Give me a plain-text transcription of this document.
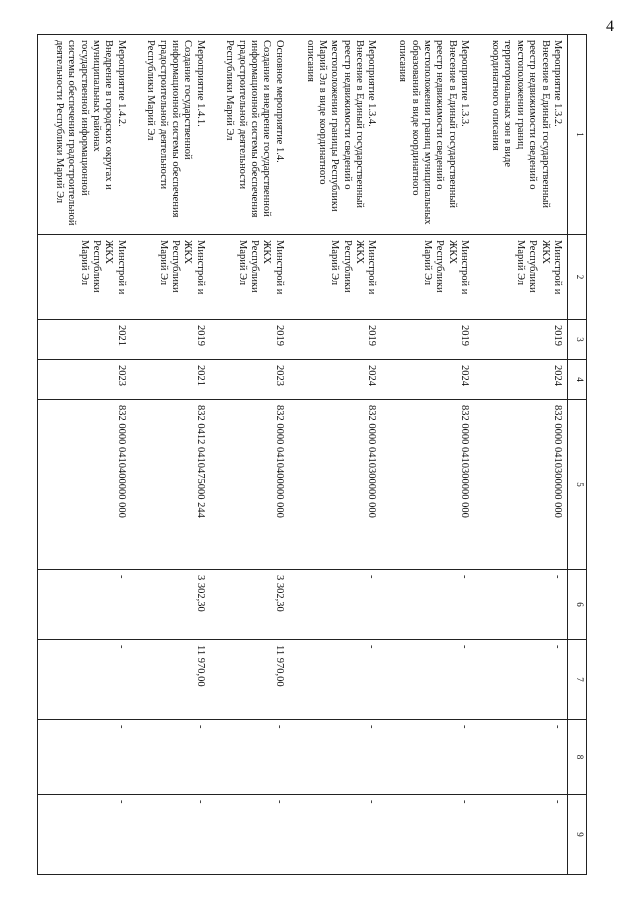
4
1	2	3	4	5	6	7	8	9

Мероприятие 1.3.2.
Внесение в Единый государственный реестр недвижимости сведений о местоположении границ территориальных зон в виде координатного описания	Минстрой и ЖКХ Республики Марий Эл	2019	2024	832 0000 0410300000 000	-	-	-	-

Мероприятие 1.3.3.
Внесение в Единый государственный реестр недвижимости сведений о местоположении границ муниципальных образований в виде координатного описания	Минстрой и ЖКХ Республики Марий Эл	2019	2024	832 0000 0410300000 000	-	-	-	-

Мероприятие 1.3.4.
Внесение в Единый государственный реестр недвижимости сведений о местоположении границы Республики Марий Эл в виде координатного описания	Минстрой и ЖКХ Республики Марий Эл	2019	2024	832 0000 0410300000 000	-	-	-	-

Основное мероприятие 1.4.
Создание и внедрение государственной информационной системы обеспечения градостроительной деятельности Республики Марий Эл	Минстрой и ЖКХ Республики Марий Эл	2019	2023	832 0000 0410400000 000	3 302,30	11 970,00	-	-

Мероприятие 1.4.1.
Создание государственной информационной системы обеспечения градостроительной деятельности Республики Марий Эл	Минстрой и ЖКХ Республики Марий Эл	2019	2021	832 0412 0410475000 244	3 302,30	11 970,00	-	-

Мероприятие 1.4.2.
Внедрение в городских округах и муниципальных районах государственной информационной системы обеспечения градостроительной деятельности Республики Марий Эл	Минстрой и ЖКХ Республики Марий Эл	2021	2023	832 0000 0410400000 000	-	-	-	-
